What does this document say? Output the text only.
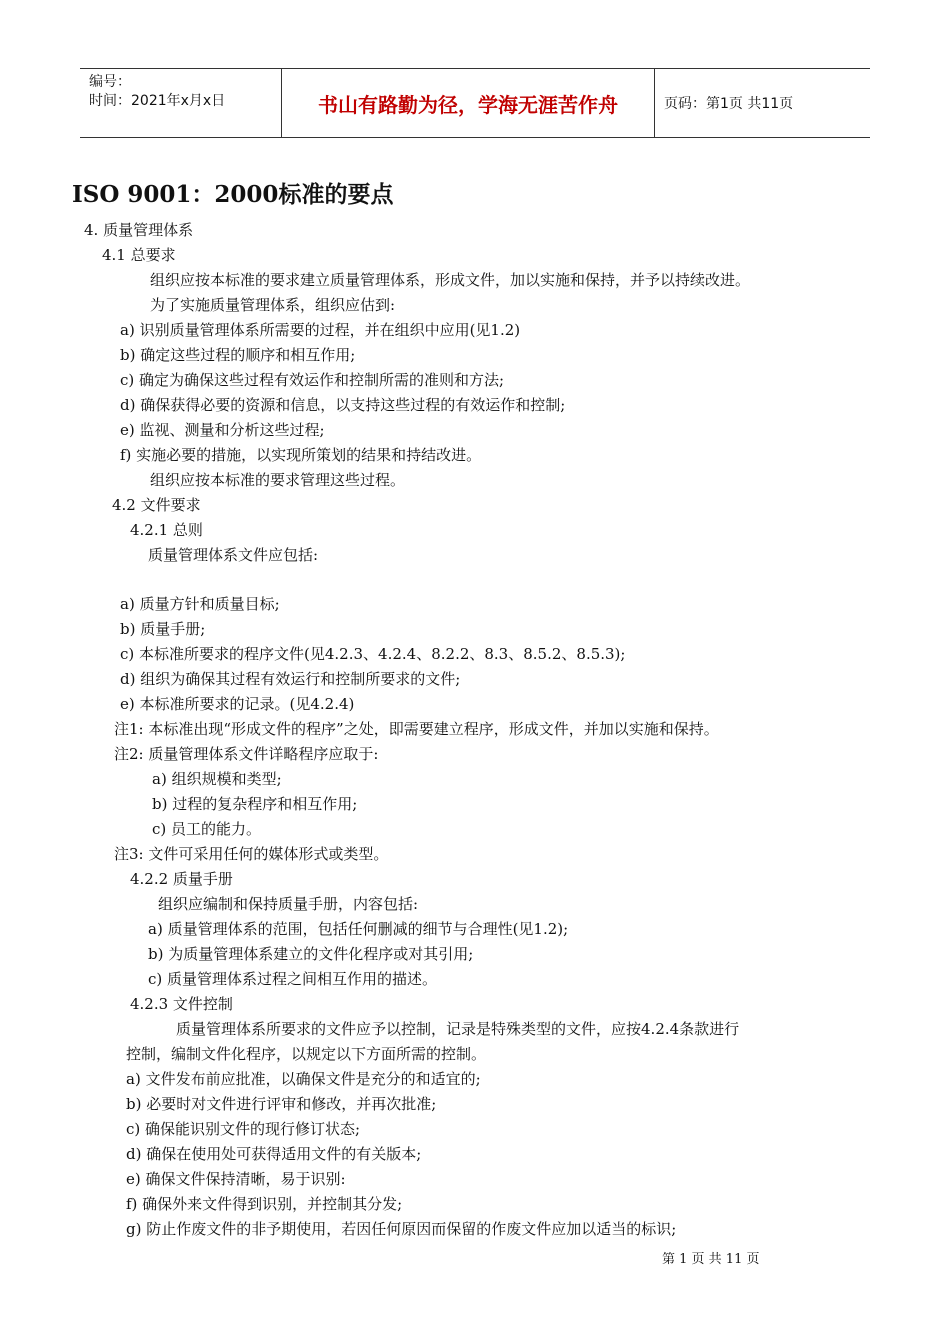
编号：
时间：2021年x月x日	书山有路勤为径，学海无涯苦作舟	页码：第1页 共11页
ISO 9001：2000标准的要点
4. 质量管理体系
4.1 总要求
组织应按本标准的要求建立质量管理体系，形成文件，加以实施和保持，并予以持续改进。
为了实施质量管理体系，组织应估到:
a) 识别质量管理体系所需要的过程，并在组织中应用(见1.2)
b) 确定这些过程的顺序和相互作用;
c) 确定为确保这些过程有效运作和控制所需的准则和方法;
d) 确保获得必要的资源和信息，以支持这些过程的有效运作和控制;
e) 监视、测量和分析这些过程;
f) 实施必要的措施，以实现所策划的结果和持结改进。
组织应按本标准的要求管理这些过程。
4.2 文件要求
4.2.1 总则
质量管理体系文件应包括:
a) 质量方针和质量目标;
b) 质量手册;
c) 本标准所要求的程序文件(见4.2.3、4.2.4、8.2.2、8.3、8.5.2、8.5.3);
d) 组织为确保其过程有效运行和控制所要求的文件;
e) 本标准所要求的记录。(见4.2.4)
注1: 本标准出现“形成文件的程序”之处，即需要建立程序，形成文件，并加以实施和保持。
注2: 质量管理体系文件详略程序应取于:
a) 组织规模和类型;
b) 过程的复杂程序和相互作用;
c) 员工的能力。
注3: 文件可采用任何的媒体形式或类型。
4.2.2 质量手册
组织应编制和保持质量手册，内容包括:
a) 质量管理体系的范围，包括任何删减的细节与合理性(见1.2);
b) 为质量管理体系建立的文件化程序或对其引用;
c) 质量管理体系过程之间相互作用的描述。
4.2.3 文件控制
质量管理体系所要求的文件应予以控制，记录是特殊类型的文件，应按4.2.4条款进行
控制，编制文件化程序，以规定以下方面所需的控制。
a) 文件发布前应批准，以确保文件是充分的和适宜的;
b) 必要时对文件进行评审和修改，并再次批准;
c) 确保能识别文件的现行修订状态;
d) 确保在使用处可获得适用文件的有关版本;
e) 确保文件保持清晰，易于识别:
f) 确保外来文件得到识别，并控制其分发;
g) 防止作废文件的非予期使用，若因任何原因而保留的作废文件应加以适当的标识;
第 1 页 共 11 页
